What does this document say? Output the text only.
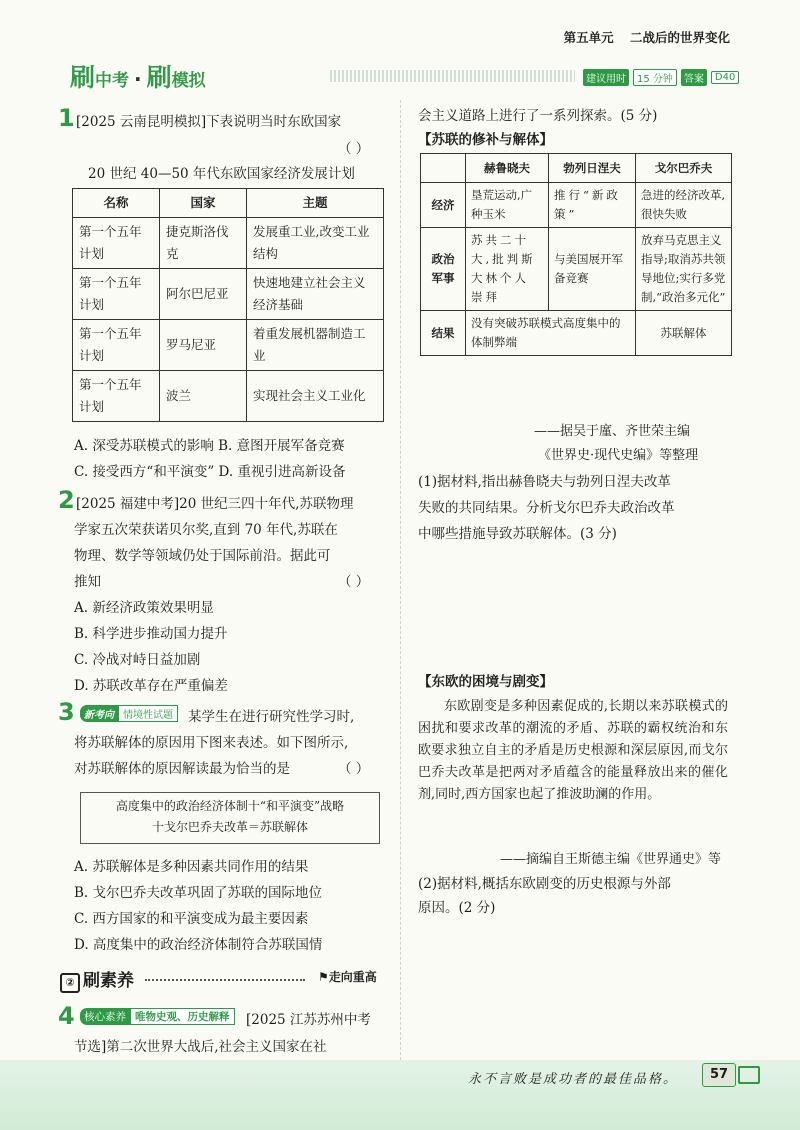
第五单元 二战后的世界变化
刷中考 · 刷模拟	建议用时	15 分钟	答案	D40
1 [2025 云南昆明模拟]下表说明当时东欧国家
（ ）
20 世纪 40—50 年代东欧国家经济发展计划
名称	国家	主题
第一个五年计划	捷克斯洛伐克	发展重工业,改变工业结构
第一个五年计划	阿尔巴尼亚	快速地建立社会主义经济基础
第一个五年计划	罗马尼亚	着重发展机器制造工业
第一个五年计划	波兰	实现社会主义工业化
A. 深受苏联模式的影响 B. 意图开展军备竞赛
C. 接受西方“和平演变” D. 重视引进高新设备
2 [2025 福建中考]20 世纪三四十年代,苏联物理
学家五次荣获诺贝尔奖,直到 70 年代,苏联在
物理、数学等领域仍处于国际前沿。据此可
推知	（ ）
A. 新经济政策效果明显
B. 科学进步推动国力提升
C. 冷战对峙日益加剧
D. 苏联改革存在严重偏差
3 新考向 情境性试题	某学生在进行研究性学习时,
将苏联解体的原因用下图来表述。如下图所示,
对苏联解体的原因解读最为恰当的是	（ ）
高度集中的政治经济体制十“和平演变”战略
十戈尔巴乔夫改革＝苏联解体
A. 苏联解体是多种因素共同作用的结果
B. 戈尔巴乔夫改革巩固了苏联的国际地位
C. 西方国家的和平演变成为最主要因素
D. 高度集中的政治经济体制符合苏联国情
② 刷素养	⚑走向重高
4 核心素养 唯物史观、历史解释	[2025 江苏苏州中考
节选]第二次世界大战后,社会主义国家在社
会主义道路上进行了一系列探索。(5 分)
【苏联的修补与解体】
	赫鲁晓夫	勃列日涅夫	戈尔巴乔夫
经济	垦荒运动,广种玉米	推行“新政策”	急进的经济改革,很快失败
政治军事	苏共二十大,批判斯大林个人崇拜	与美国展开军备竞赛	放弃马克思主义指导;取消苏共领导地位;实行多党制,“政治多元化”
结果	没有突破苏联模式高度集中的体制弊端		苏联解体
——据吴于廑、齐世荣主编
《世界史·现代史编》等整理
(1)据材料,指出赫鲁晓夫与勃列日涅夫改革
失败的共同结果。分析戈尔巴乔夫政治改革
中哪些措施导致苏联解体。(3 分)
【东欧的困境与剧变】
东欧剧变是多种因素促成的,长期以来苏联模式的困扰和要求改革的潮流的矛盾、苏联的霸权统治和东欧要求独立自主的矛盾是历史根源和深层原因,而戈尔巴乔夫改革是把两对矛盾蕴含的能量释放出来的催化剂,同时,西方国家也起了推波助澜的作用。
——摘编自王斯德主编《世界通史》等
(2)据材料,概括东欧剧变的历史根源与外部
原因。(2 分)
永不言败是成功者的最佳品格。	57
